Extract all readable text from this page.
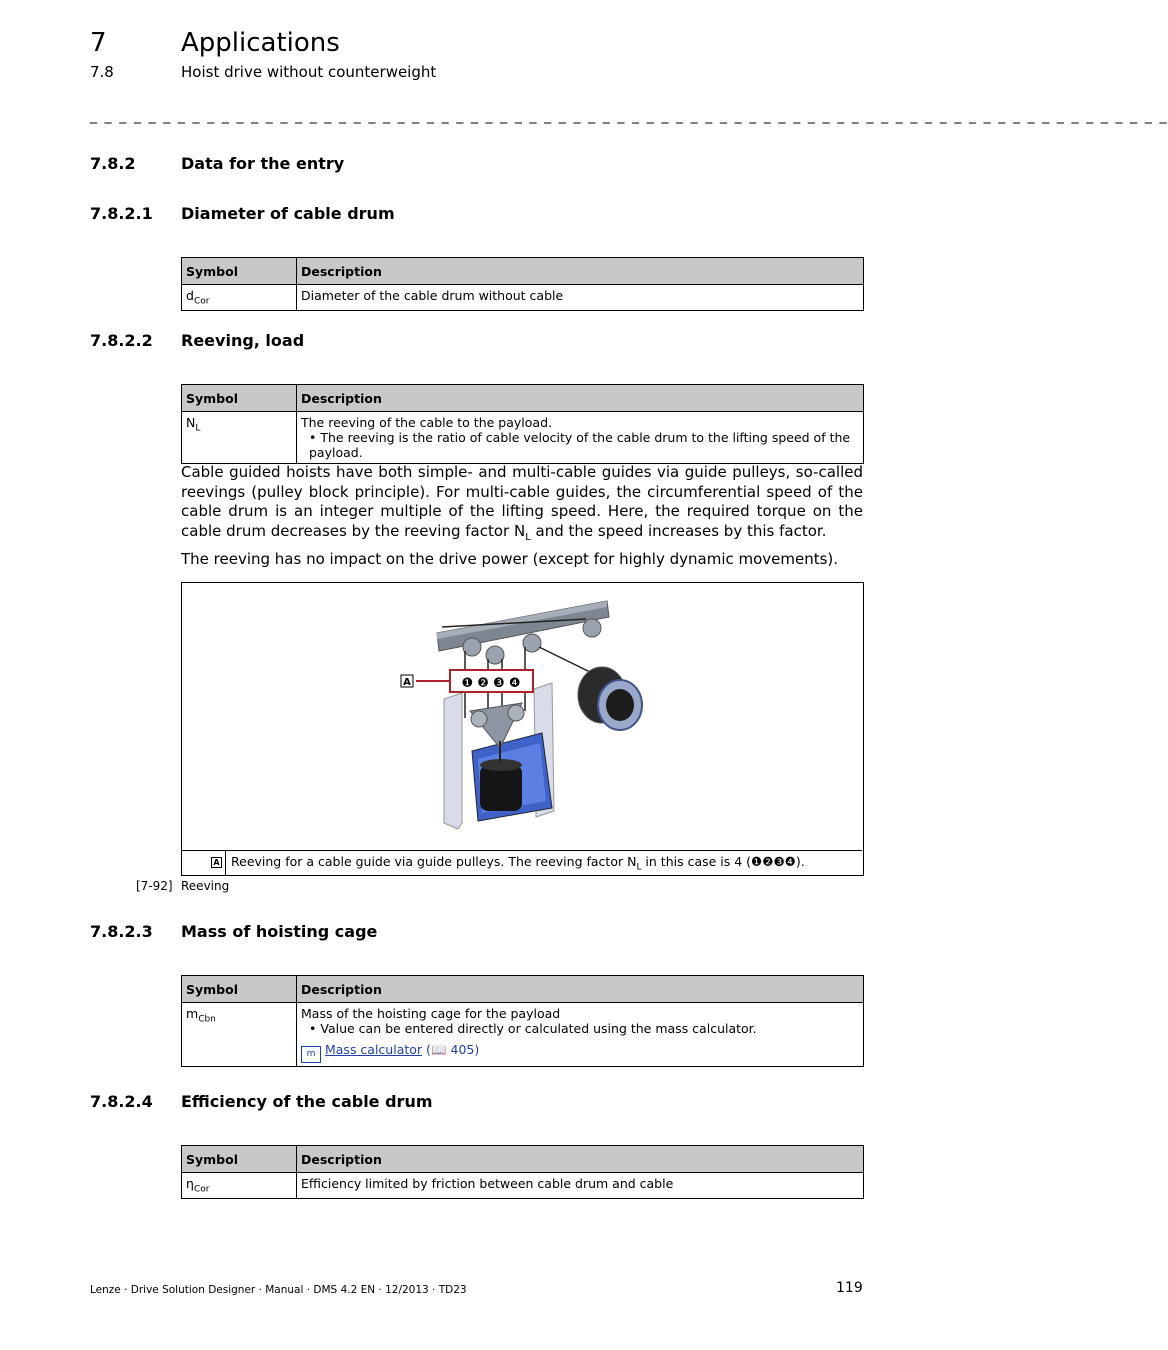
7	Applications
7.8	Hoist drive without counterweight
_ _ _ _ _ _ _ _ _ _ _ _ _ _ _ _ _ _ _ _ _ _ _ _ _ _ _ _ _ _ _ _ _ _ _ _ _ _ _ _ _ _ _ _ _ _ _ _ _ _ _ _ _ _ _ _ _ _ _ _ _ _ _ _ _ _ _ _ _ _ _ _ _ _
7.8.2	Data for the entry
7.8.2.1 Diameter of cable drum
Symbol	Description
$d_{Cor}$	Diameter of the cable drum without cable
7.8.2.2 Reeving, load
Symbol	Description
$N_L$	The reeving of the cable to the payload.
• The reeving is the ratio of cable velocity of the cable drum to the lifting speed of the payload.
Cable guided hoists have both simple- and multi-cable guides via guide pulleys, so-called reevings (pulley block principle). For multi-cable guides, the circumferential speed of the cable drum is an integer multiple of the lifting speed. Here, the required torque on the cable drum decreases by the reeving factor $N_L$ and the speed increases by this factor.
The reeving has no impact on the drive power (except for highly dynamic movements).
A	❶ ❷ ❸ ❹
A Reeving for a cable guide via guide pulleys. The reeving factor $N_L$ in this case is 4 (❶❷❸❹).
[7-92] Reeving
7.8.2.3 Mass of hoisting cage
Symbol	Description
$m_{Cbn}$	Mass of the hoisting cage for the payload
• Value can be entered directly or calculated using the mass calculator.
m Mass calculator (📖 405)
7.8.2.4 Efficiency of the cable drum
Symbol	Description
$\eta_{Cor}$	Efficiency limited by friction between cable drum and cable
Lenze · Drive Solution Designer · Manual · DMS 4.2 EN · 12/2013 · TD23	119
